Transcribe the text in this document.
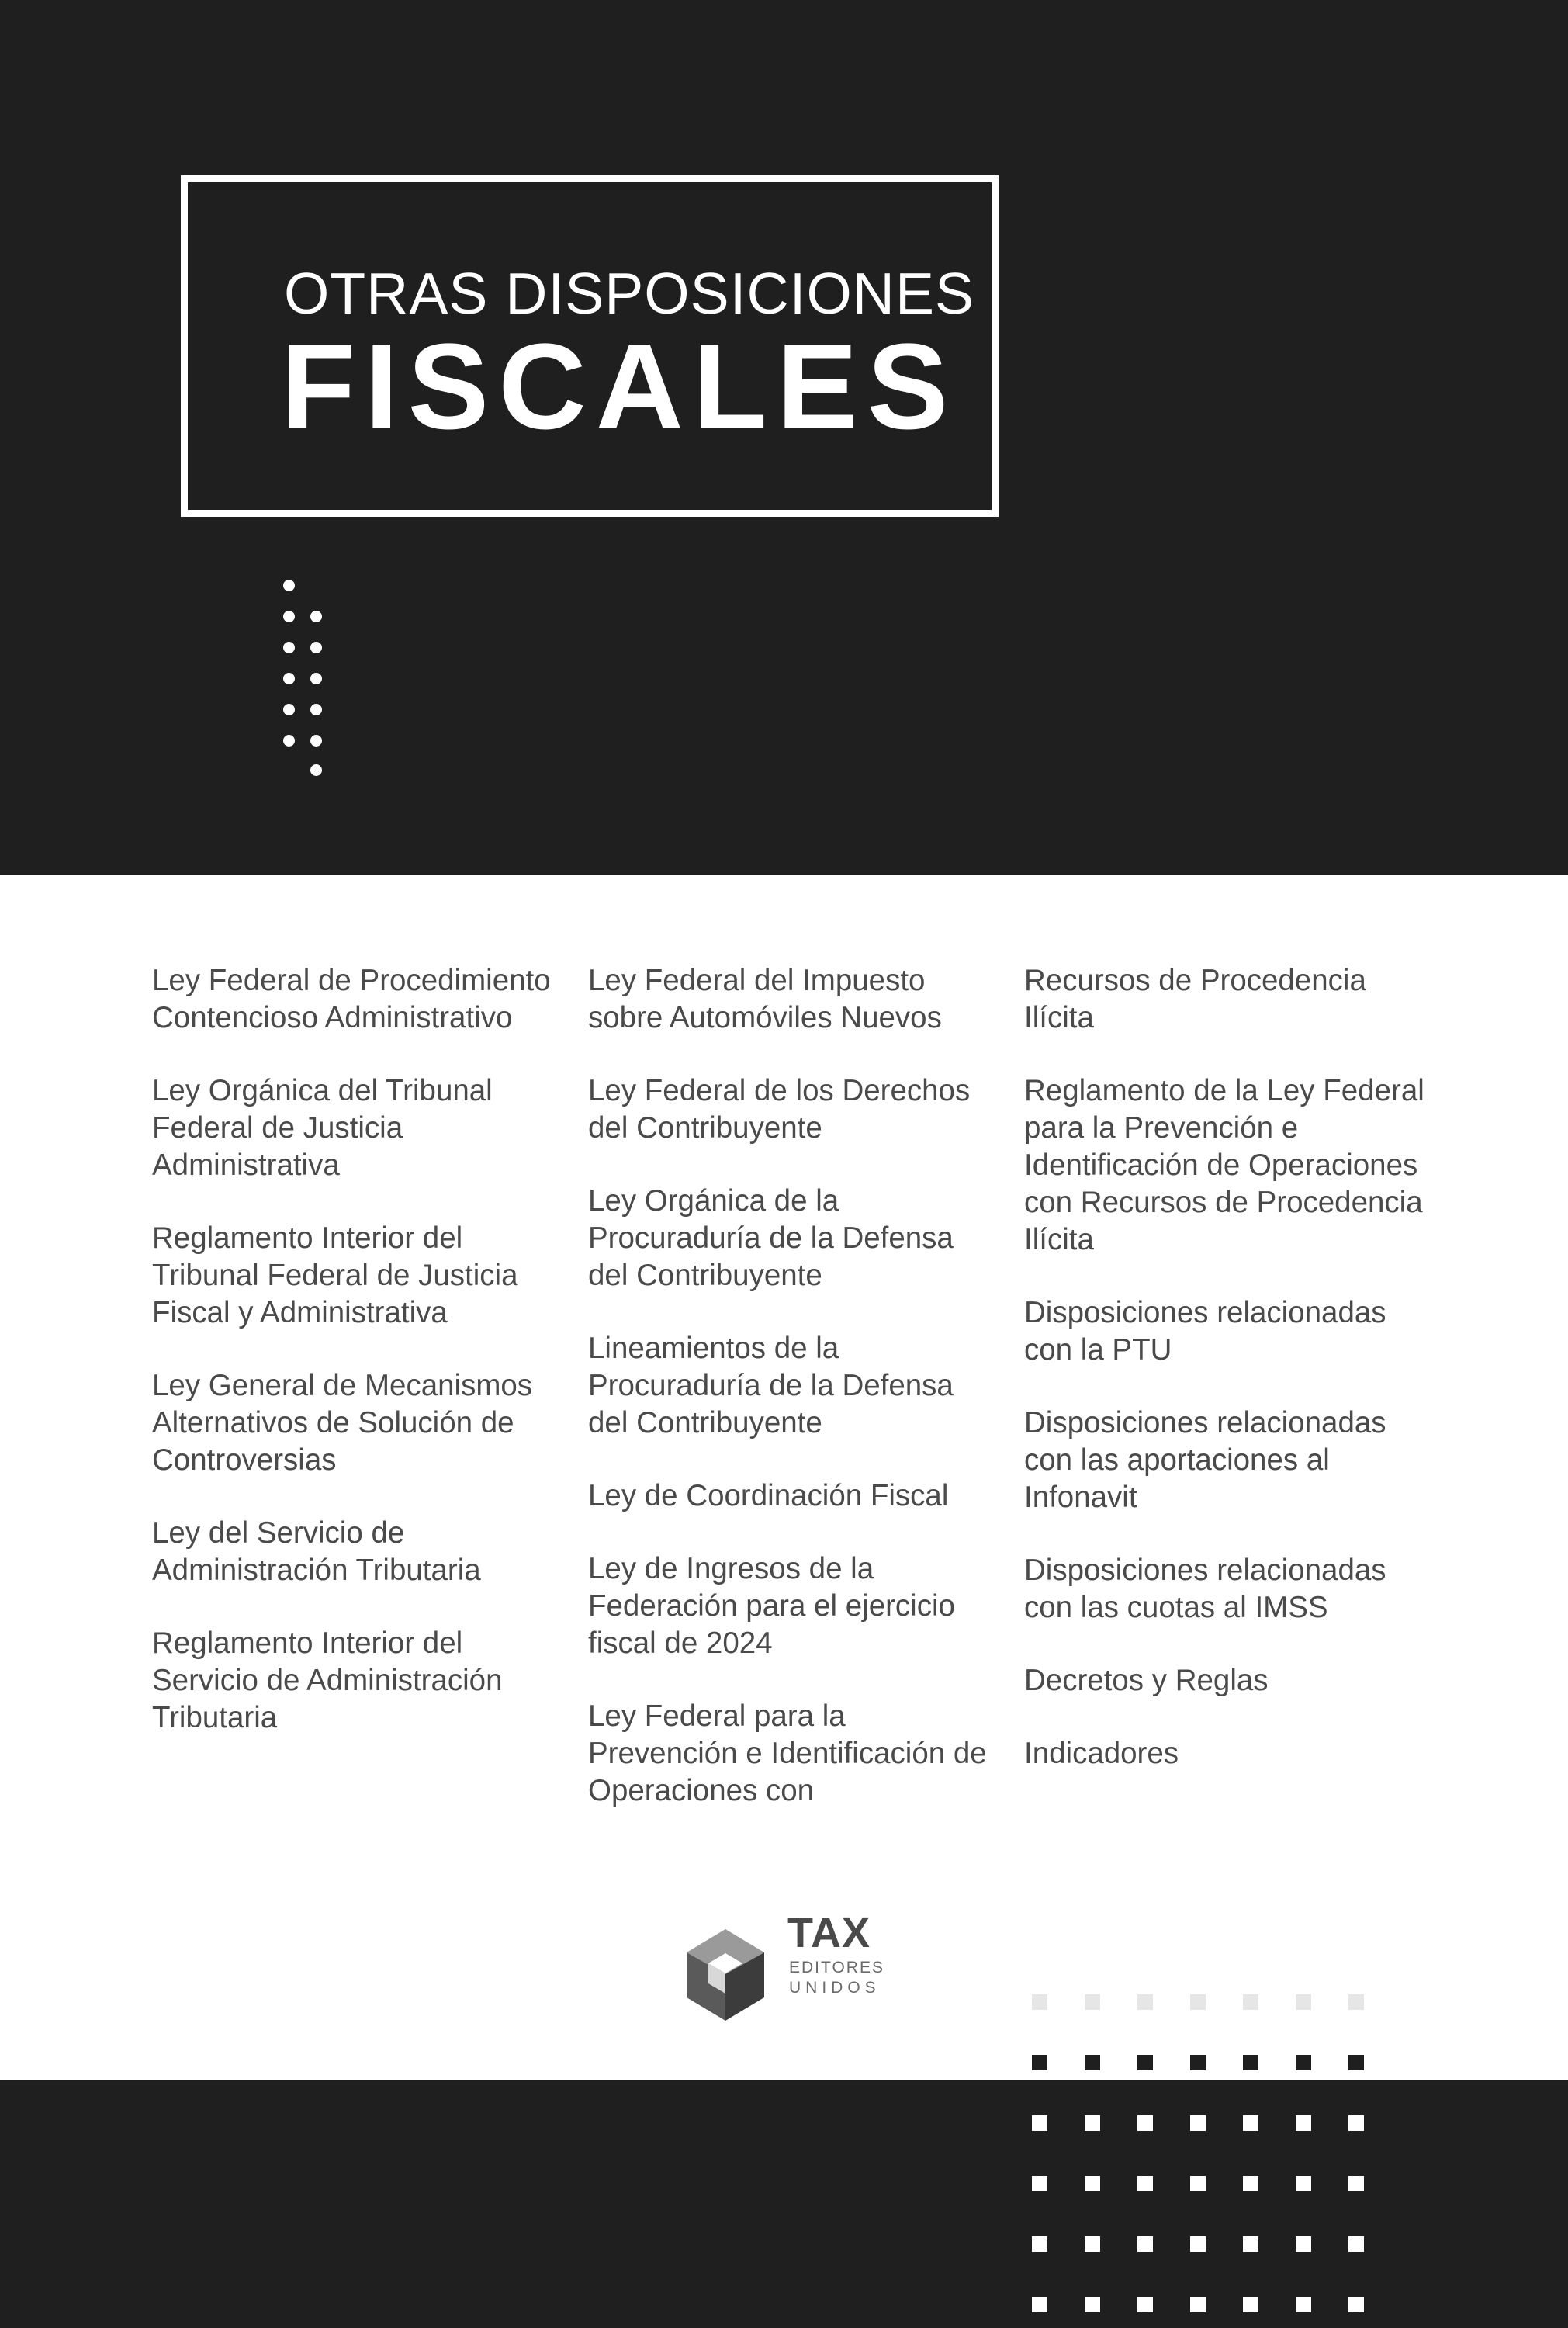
OTRAS DISPOSICIONES
FISCALES
Ley Federal de Procedimiento Contencioso Administrativo
Ley Orgánica del Tribunal Federal de Justicia Administrativa
Reglamento Interior del Tribunal Federal de Justicia Fiscal y Administrativa
Ley General de Mecanismos Alternativos de Solución de Controversias
Ley del Servicio de Administración Tributaria
Reglamento Interior del Servicio de Administración Tributaria
Ley Federal del Impuesto sobre Automóviles Nuevos
Ley Federal de los Derechos del Contribuyente
Ley Orgánica de la Procuraduría de la Defensa del Contribuyente
Lineamientos de la Procuraduría de la Defensa del Contribuyente
Ley de Coordinación Fiscal
Ley de Ingresos de la Federación para el ejercicio fiscal de 2024
Ley Federal para la Prevención e Identificación de Operaciones con
Recursos de Procedencia Ilícita
Reglamento de la Ley Federal para la Prevención e Identificación de Operaciones con Recursos de Procedencia Ilícita
Disposiciones relacionadas con la PTU
Disposiciones relacionadas con las aportaciones al Infonavit
Disposiciones relacionadas con las cuotas al IMSS
Decretos y Reglas
Indicadores
TAX
EDITORES
UNIDOS
